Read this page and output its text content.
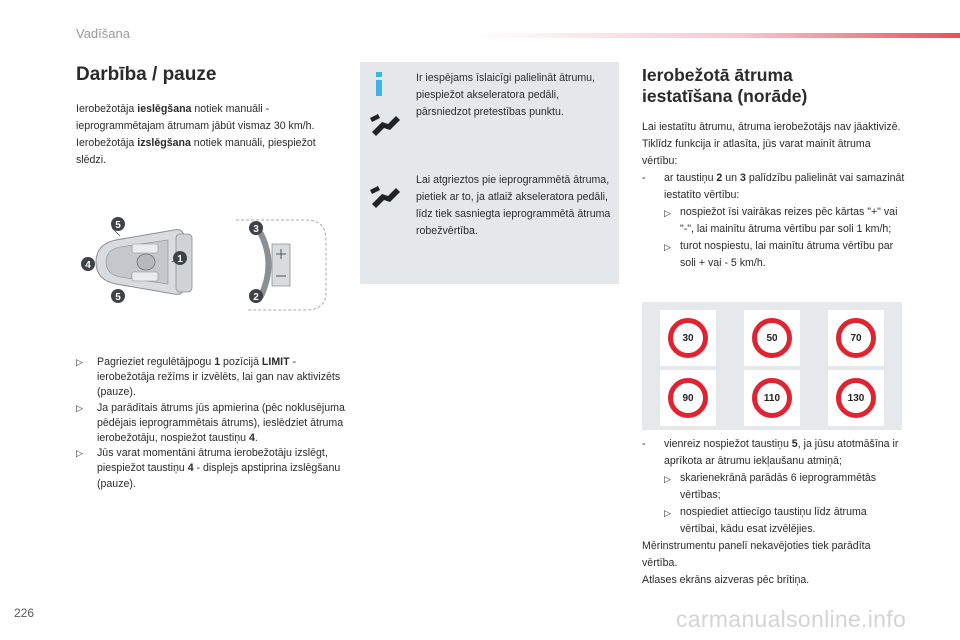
Vadīšana
Darbība / pauze
Ierobežotāja ieslēgšana notiek manuāli - ieprogrammētajam ātrumam jābūt vismaz 30 km/h.
Ierobežotāja izslēgšana notiek manuāli, piespiežot slēdzi.
5
4
1
5
3
2
▷ Pagrieziet regulētājpogu 1 pozīcijā LIMIT - ierobežotāja režīms ir izvēlēts, lai gan nav aktivizēts (pauze).
▷ Ja parādītais ātrums jūs apmierina (pēc noklusējuma pēdējais ieprogrammētais ātrums), ieslēdziet ātruma ierobežotāju, nospiežot taustiņu 4.
▷ Jūs varat momentāni ātruma ierobežotāju izslēgt, piespiežot taustiņu 4 - displejs apstiprina izslēgšanu (pauze).
Ir iespējams īslaicīgi palielināt ātrumu, piespiežot akseleratora pedāli, pārsniedzot pretestības punktu.
Lai atgrieztos pie ieprogrammētā ātruma, pietiek ar to, ja atlaiž akseleratora pedāli, līdz tiek sasniegta ieprogrammētā ātruma robežvērtība.
Ierobežotā ātruma iestatīšana (norāde)
Lai iestatītu ātrumu, ātruma ierobežotājs nav jāaktivizē.
Tiklīdz funkcija ir atlasīta, jūs varat mainīt ātruma vērtību:
- ar taustiņu 2 un 3 palīdzību palielināt vai samazināt iestatīto vērtību:
▷ nospiežot īsi vairākas reizes pēc kārtas "+" vai "-", lai mainītu ātruma vērtību par soli 1 km/h;
▷ turot nospiestu, lai mainītu ātruma vērtību par soli + vai - 5 km/h.
30	50	70
90	110	130
- vienreiz nospiežot taustiņu 5, ja jūsu atotmāšīna ir aprīkota ar ātrumu iekļaušanu atmiņā;
▷ skarienekrānā parādās 6 ieprogrammētās vērtības;
▷ nospiediet attiecīgo taustiņu līdz ātruma vērtībai, kādu esat izvēlējies.
Mērinstrumentu panelī nekavējoties tiek parādīta vērtība.
Atlases ekrāns aizveras pēc brītiņa.
226	carmanualsonline.info
